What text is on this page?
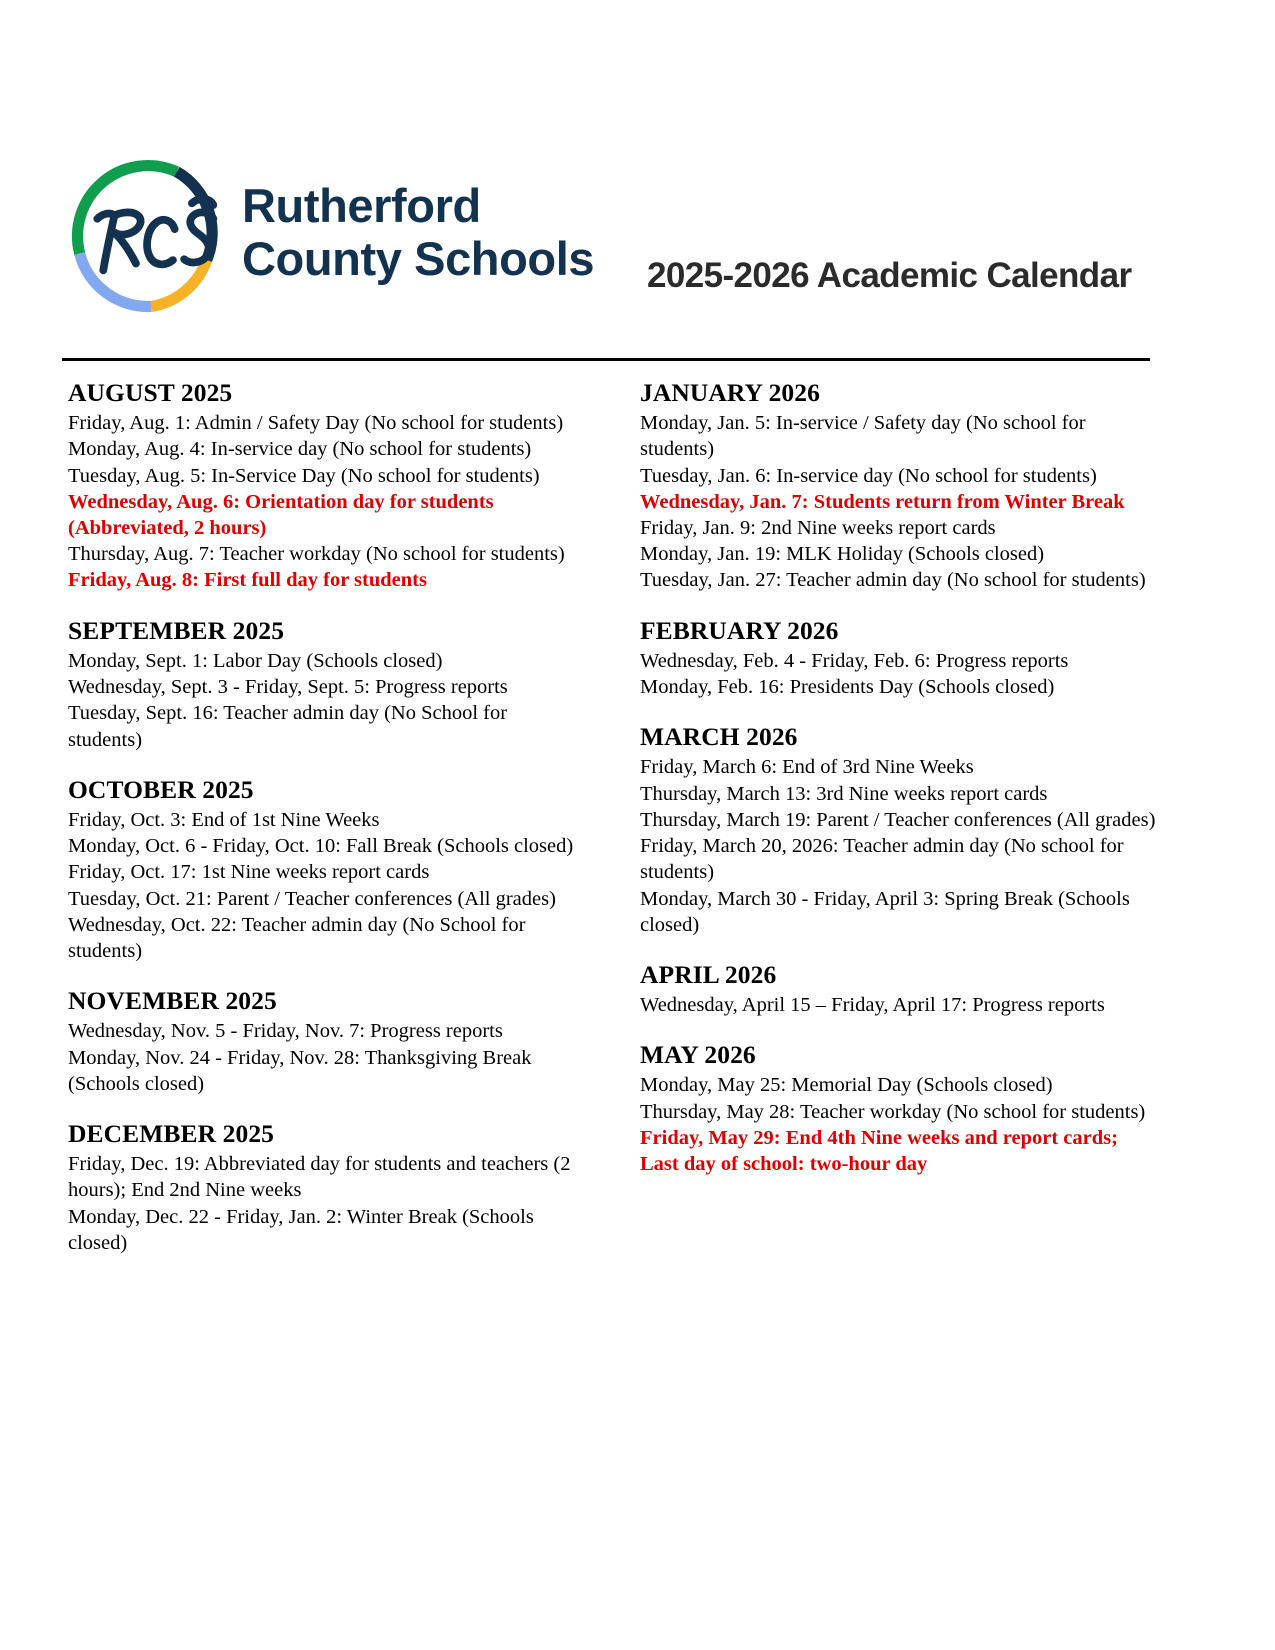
Rutherford
County Schools 2025-2026 Academic Calendar
AUGUST 2025
Friday, Aug. 1: Admin / Safety Day (No school for students)
Monday, Aug. 4: In-service day (No school for students)
Tuesday, Aug. 5: In-Service Day (No school for students)
Wednesday, Aug. 6: Orientation day for students (Abbreviated, 2 hours)
Thursday, Aug. 7: Teacher workday (No school for students)
Friday, Aug. 8: First full day for students
SEPTEMBER 2025
Monday, Sept. 1: Labor Day (Schools closed)
Wednesday, Sept. 3 - Friday, Sept. 5: Progress reports
Tuesday, Sept. 16: Teacher admin day (No School for students)
OCTOBER 2025
Friday, Oct. 3: End of 1st Nine Weeks
Monday, Oct. 6 - Friday, Oct. 10: Fall Break (Schools closed)
Friday, Oct. 17: 1st Nine weeks report cards
Tuesday, Oct. 21: Parent / Teacher conferences (All grades)
Wednesday, Oct. 22: Teacher admin day (No School for students)
NOVEMBER 2025
Wednesday, Nov. 5 - Friday, Nov. 7: Progress reports
Monday, Nov. 24 - Friday, Nov. 28: Thanksgiving Break (Schools closed)
DECEMBER 2025
Friday, Dec. 19: Abbreviated day for students and teachers (2 hours); End 2nd Nine weeks
Monday, Dec. 22 - Friday, Jan. 2: Winter Break (Schools closed)
JANUARY 2026
Monday, Jan. 5: In-service / Safety day (No school for students)
Tuesday, Jan. 6: In-service day (No school for students)
Wednesday, Jan. 7: Students return from Winter Break
Friday, Jan. 9: 2nd Nine weeks report cards
Monday, Jan. 19: MLK Holiday (Schools closed)
Tuesday, Jan. 27: Teacher admin day (No school for students)
FEBRUARY 2026
Wednesday, Feb. 4 - Friday, Feb. 6: Progress reports
Monday, Feb. 16: Presidents Day (Schools closed)
MARCH 2026
Friday, March 6: End of 3rd Nine Weeks
Thursday, March 13: 3rd Nine weeks report cards
Thursday, March 19: Parent / Teacher conferences (All grades)
Friday, March 20, 2026: Teacher admin day (No school for students)
Monday, March 30 - Friday, April 3: Spring Break (Schools closed)
APRIL 2026
Wednesday, April 15 – Friday, April 17: Progress reports
MAY 2026
Monday, May 25: Memorial Day (Schools closed)
Thursday, May 28: Teacher workday (No school for students)
Friday, May 29: End 4th Nine weeks and report cards; Last day of school: two-hour day
